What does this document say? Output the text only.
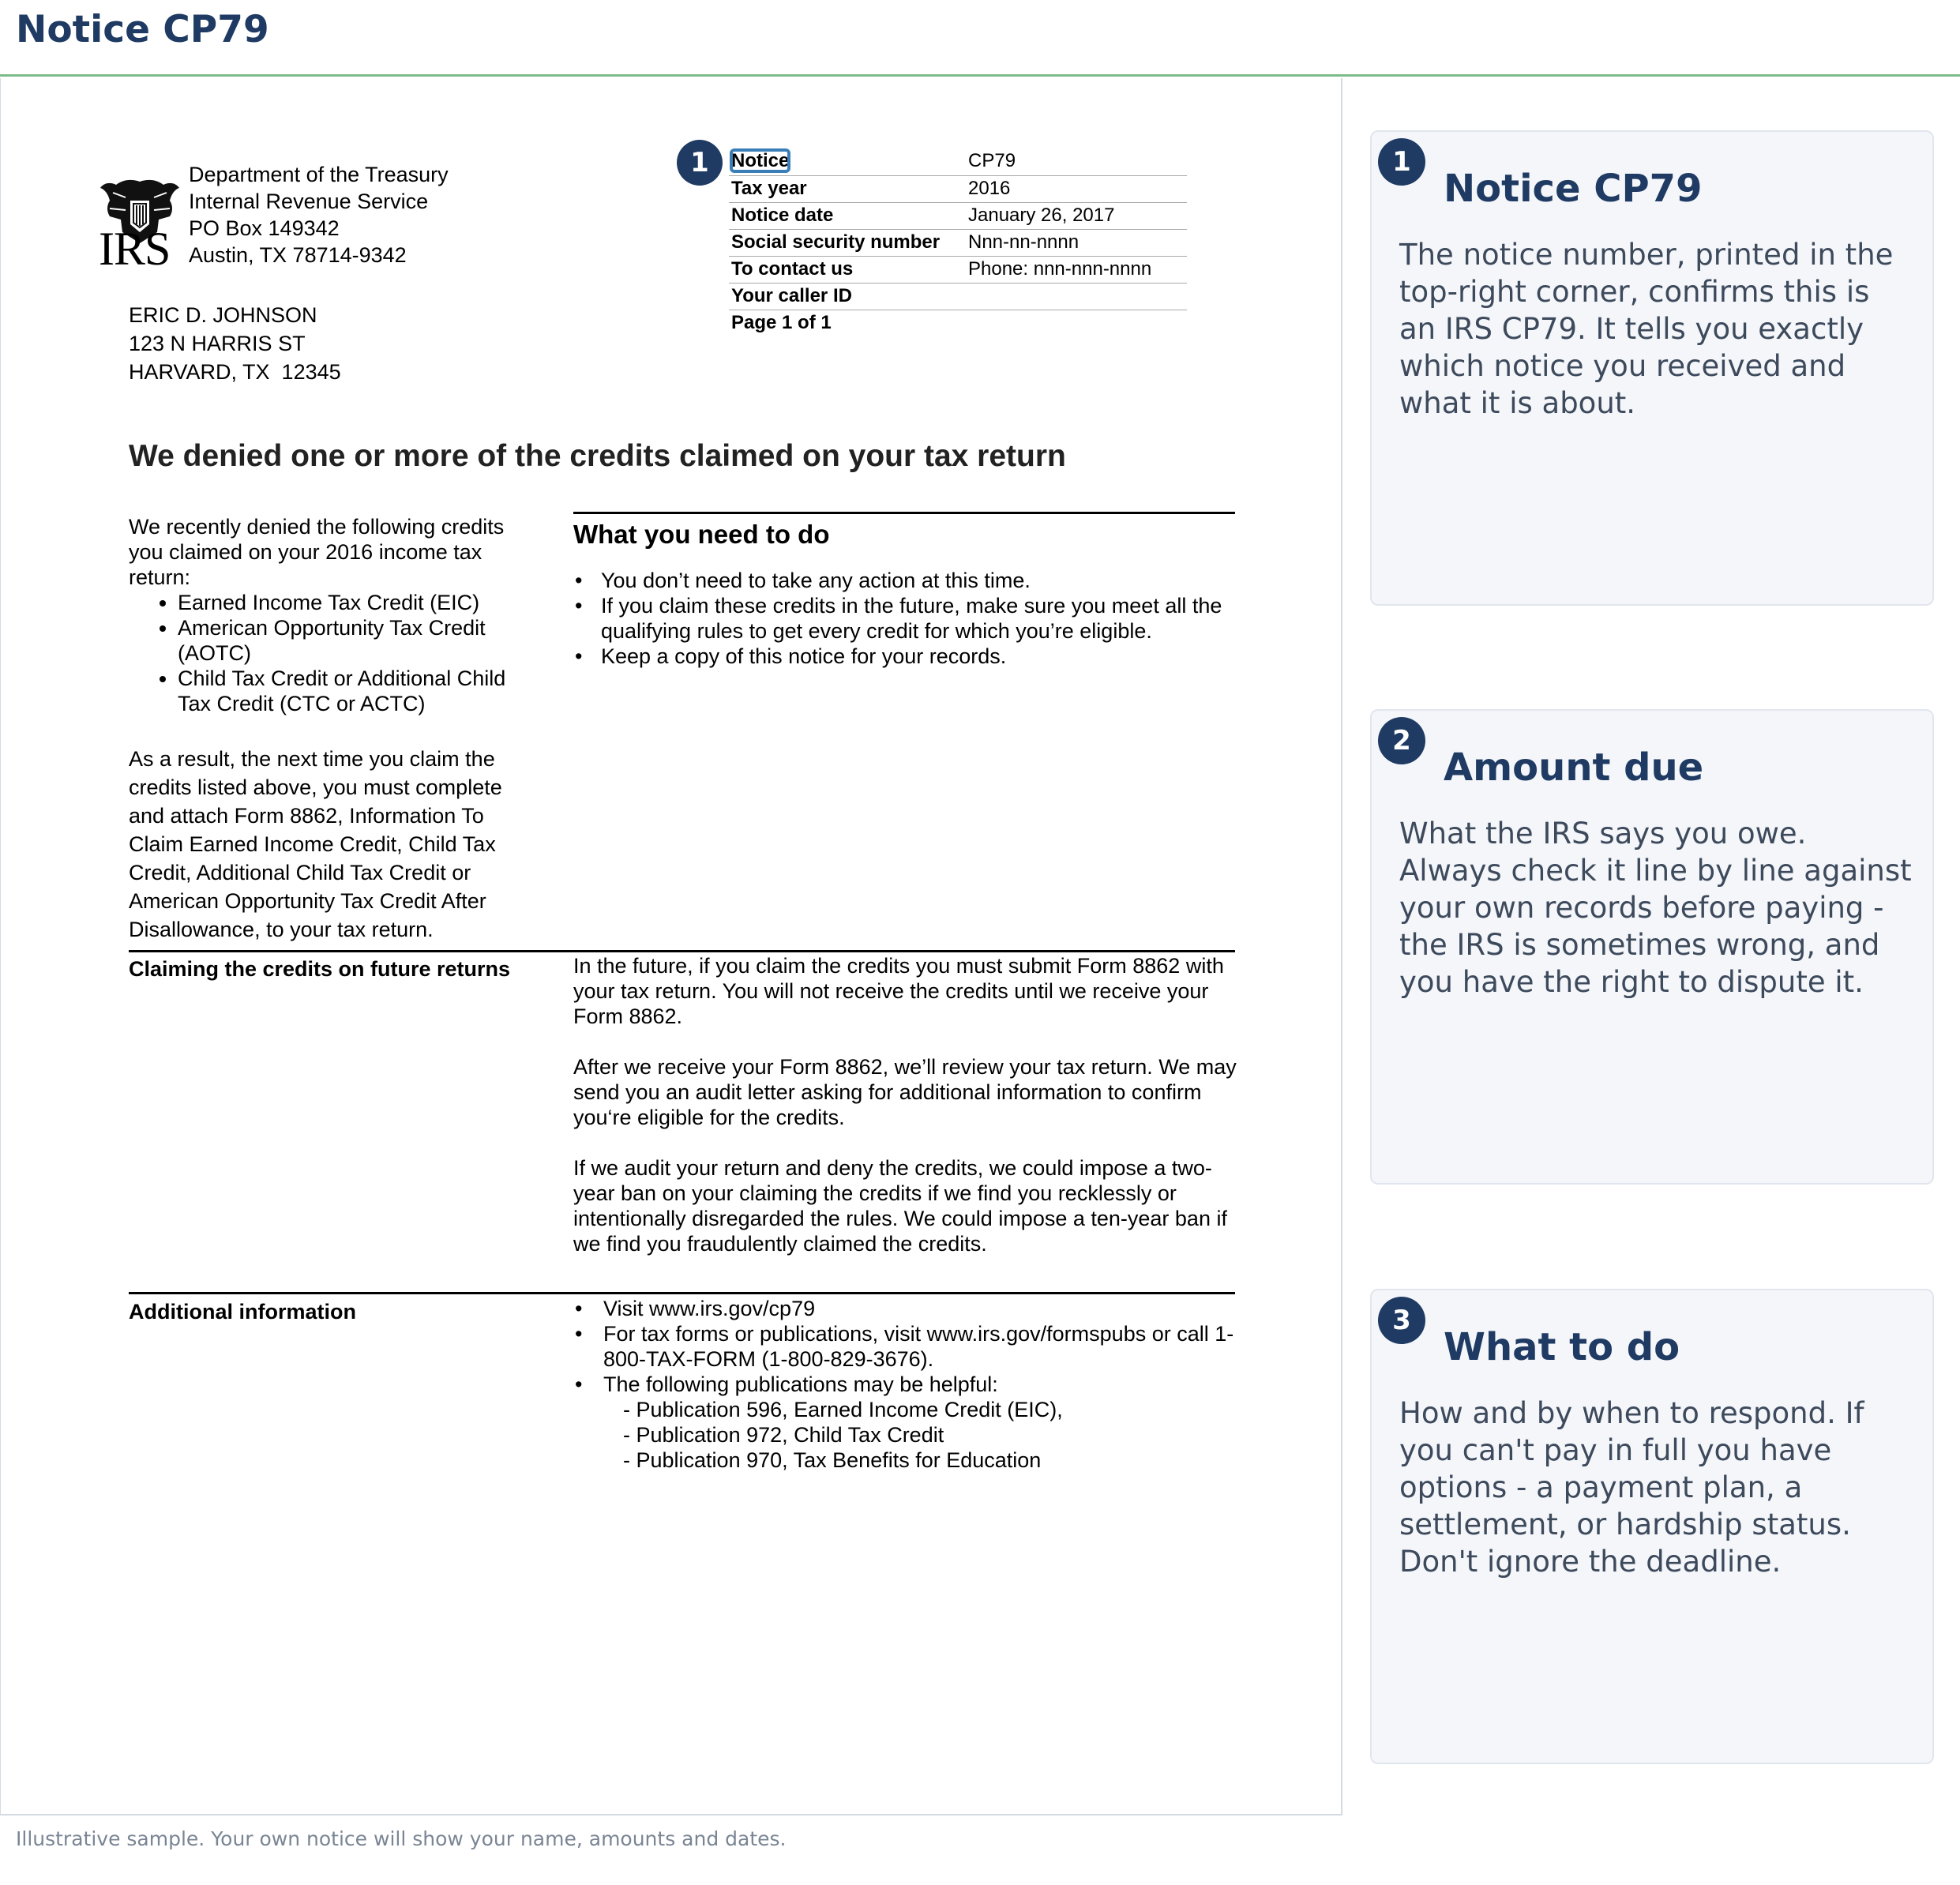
Notice CP79
IRS
Department of the Treasury
Internal Revenue Service
PO Box 149342
Austin, TX 78714-9342
ERIC D. JOHNSON
123 N HARRIS ST
HARVARD, TX  12345
1	Notice	CP79
Tax year	2016
Notice date	January 26, 2017
Social security number	Nnn-nn-nnnn
To contact us	Phone: nnn-nnn-nnnn
Your caller ID	
Page 1 of 1	
We denied one or more of the credits claimed on your tax return

We recently denied the following credits you claimed on your 2016 income tax return:

• Earned Income Tax Credit (EIC)
• American Opportunity Tax Credit (AOTC)
• Child Tax Credit or Additional Child Tax Credit (CTC or ACTC)

As a result, the next time you claim the credits listed above, you must complete and attach Form 8862, Information To Claim Earned Income Credit, Child Tax Credit, Additional Child Tax Credit or American Opportunity Tax Credit After Disallowance, to your tax return.

What you need to do
• You don’t need to take any action at this time.
• If you claim these credits in the future, make sure you meet all the qualifying rules to get every credit for which you’re eligible.
• Keep a copy of this notice for your records.
Claiming the credits on future returns	In the future, if you claim the credits you must submit Form 8862 with your tax return. You will not receive the credits until we receive your Form 8862.

After we receive your Form 8862, we’ll review your tax return. We may send you an audit letter asking for additional information to confirm you‘re eligible for the credits.

If we audit your return and deny the credits, we could impose a two-year ban on your claiming the credits if we find you recklessly or intentionally disregarded the rules. We could impose a ten-year ban if we find you fraudulently claimed the credits.

Additional information	• Visit www.irs.gov/cp79
• For tax forms or publications, visit www.irs.gov/formspubs or call 1-800-TAX-FORM (1-800-829-3676).
• The following publications may be helpful:
- Publication 596, Earned Income Credit (EIC),
- Publication 972, Child Tax Credit
- Publication 970, Tax Benefits for Education
1
Notice CP79
The notice number, printed in the top-right corner, confirms this is an IRS CP79. It tells you exactly which notice you received and what it is about.
2
Amount due
What the IRS says you owe. Always check it line by line against your own records before paying - the IRS is sometimes wrong, and you have the right to dispute it.
3
What to do
How and by when to respond. If you can't pay in full you have options - a payment plan, a settlement, or hardship status. Don't ignore the deadline.
Illustrative sample. Your own notice will show your name, amounts and dates.
